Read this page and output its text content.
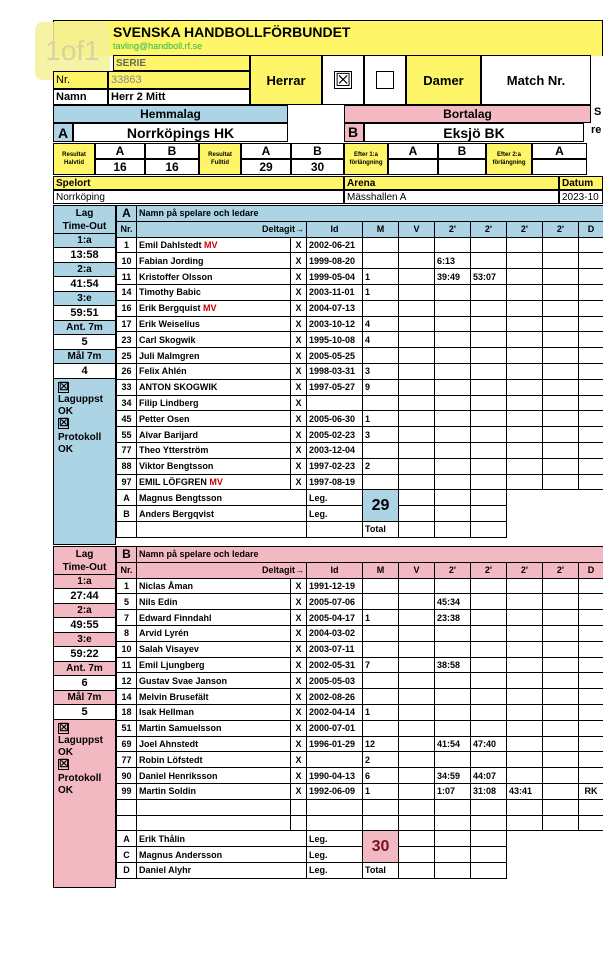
SVENSKA HANDBOLLFÖRBUNDET
tavling@handboll.rf.se
1of1	SERIE
Nr.	33863
Namn	Herr 2 Mitt
Herrar	☒	Damer	Match Nr.
Hemmalag
A	Norrköpings HK
Bortalag
B	Eksjö BK
S
re
Resultat Halvtid
A	B
16	16
Resultat Fulltid
A	B
29	30
Efter 1:a förlängning
A	B	Efter 2:a förlängning
A
Spelort
Norrköping
Arena
Mässhallen A
Datum
2023-10
Lag
Time-Out
1:a
13:58
2:a
41:54
3:e
59:51
Ant. 7m
5
Mål 7m
4
☒
Laguppst OK
☒
Protokoll OK
Lag
Time-Out
1:a
27:44
2:a
49:55
3:e
59:22
Ant. 7m
6
Mål 7m
5
☒
Laguppst OK
☒
Protokoll OK
A	Namn på spelare och ledare									
Nr.	Deltagit→		Id	M	V	2'	2'	2'	2'	D
1	Emil Dahlstedt MV	X	2002-06-21							
10	Fabian Jording	X	1999-08-20			6:13				
11	Kristoffer Olsson	X	1999-05-04	1		39:49	53:07			
14	Timothy Babic	X	2003-11-01	1						
16	Erik Bergquist MV	X	2004-07-13							
17	Erik Weiselius	X	2003-10-12	4						
23	Carl Skogwik	X	1995-10-08	4						
25	Juli Malmgren	X	2005-05-25							
26	Felix Ahlén	X	1998-03-31	3						
33	ANTON SKOGWIK	X	1997-05-27	9						
34	Filip Lindberg	X								
45	Petter Osen	X	2005-06-30	1						
55	Alvar Barijard	X	2005-02-23	3						
77	Theo Ytterström	X	2003-12-04							
88	Viktor Bengtsson	X	1997-02-23	2						
97	EMIL LÖFGREN MV	X	1997-08-19							
A	Magnus Bengtsson		Leg.	29						
B	Anders Bergqvist		Leg.							
				Total						
B	Namn på spelare och ledare									
Nr.	Deltagit→		Id	M	V	2'	2'	2'	2'	D
1	Niclas Åman	X	1991-12-19							
5	Nils Edin	X	2005-07-06			45:34				
7	Edward Finndahl	X	2005-04-17	1		23:38				
8	Arvid Lyrén	X	2004-03-02							
10	Salah Visayev	X	2003-07-11							
11	Emil Ljungberg	X	2002-05-31	7		38:58				
12	Gustav Svae Janson	X	2005-05-03							
14	Melvin Brusefält	X	2002-08-26							
18	Isak Hellman	X	2002-04-14	1						
51	Martin Samuelsson	X	2000-07-01							
69	Joel Ahnstedt	X	1996-01-29	12		41:54	47:40			
77	Robin Löfstedt	X		2						
90	Daniel Henriksson	X	1990-04-13	6		34:59	44:07			
99	Martin Soldin	X	1992-06-09	1		1:07	31:08	43:41		RK

A	Erik Thålin		Leg.	30						
C	Magnus Andersson		Leg.							
D	Daniel Alyhr		Leg.	Total						
